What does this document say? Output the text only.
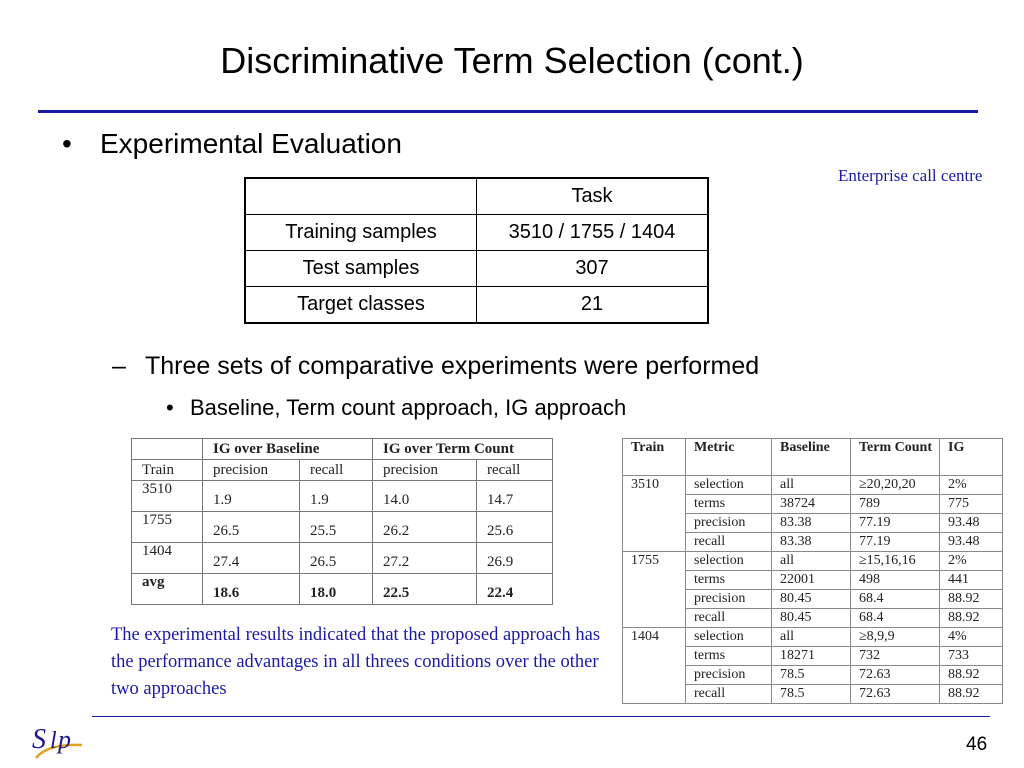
Discriminative Term Selection (cont.)
• Experimental Evaluation
Enterprise call centre
	Task
Training samples	3510 / 1755 / 1404
Test samples	307
Target classes	21
– Three sets of comparative experiments were performed
• Baseline, Term count approach, IG approach
	IG over Baseline		IG over Term Count	
Train	precision	recall	precision	recall
3510	1.9	1.9	14.0	14.7
1755	26.5	25.5	26.2	25.6
1404	27.4	26.5	27.2	26.9
avg	18.6	18.0	22.5	22.4
Train	Metric	Baseline	Term Count	IG
3510	selection	all	≥20,20,20	2%
	terms	38724	789	775
	precision	83.38	77.19	93.48
	recall	83.38	77.19	93.48
1755	selection	all	≥15,16,16	2%
	terms	22001	498	441
	precision	80.45	68.4	88.92
	recall	80.45	68.4	88.92
1404	selection	all	≥8,9,9	4%
	terms	18271	732	733
	precision	78.5	72.63	88.92
	recall	78.5	72.63	88.92
The experimental results indicated that the proposed approach has the performance advantages in all threes conditions over the other two approaches
S l p	46
